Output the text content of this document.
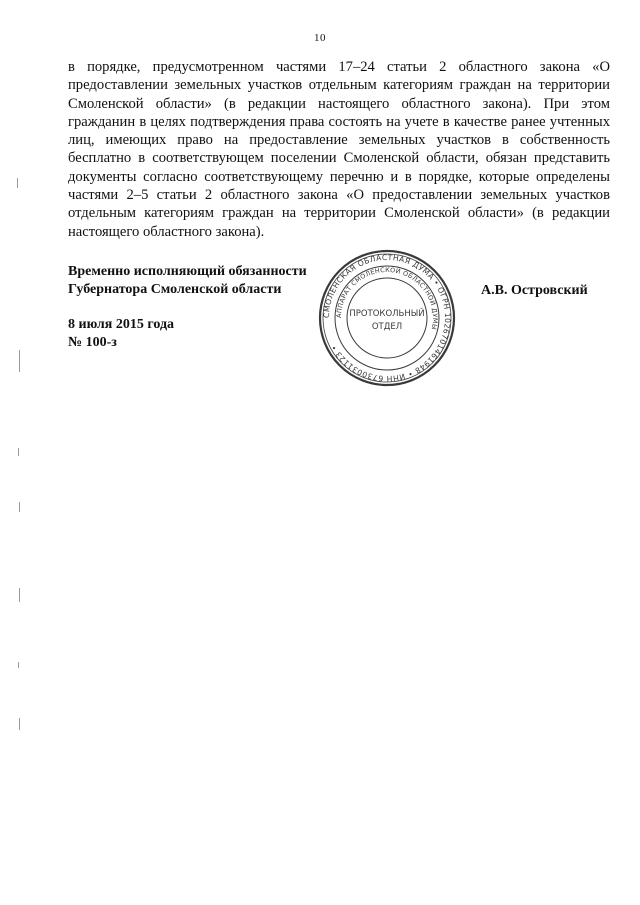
10

в порядке, предусмотренном частями 17–24 статьи 2 областного закона «О предоставлении земельных участков отдельным категориям граждан на территории Смоленской области» (в редакции настоящего областного закона). При этом гражданин в целях подтверждения права состоять на учете в качестве ранее учтенных лиц, имеющих право на предоставление земельных участков в собственность бесплатно в соответствующем поселении Смоленской области, обязан представить документы согласно соответствующему перечню и в порядке, которые определены частями 2–5 статьи 2 областного закона «О предоставлении земельных участков отдельным категориям граждан на территории Смоленской области» (в редакции настоящего областного закона).

Временно исполняющий обязанности
Губернатора Смоленской области	А.В. Островский
8 июля 2015 года
№ 100-з
СМОЛЕНСКАЯ ОБЛАСТНАЯ ДУМА • ОГРН 1026701461948 • ИНН 6730031123 •
АППАРАТ СМОЛЕНСКОЙ ОБЛАСТНОЙ ДУМЫ
ПРОТОКОЛЬНЫЙ
ОТДЕЛ
